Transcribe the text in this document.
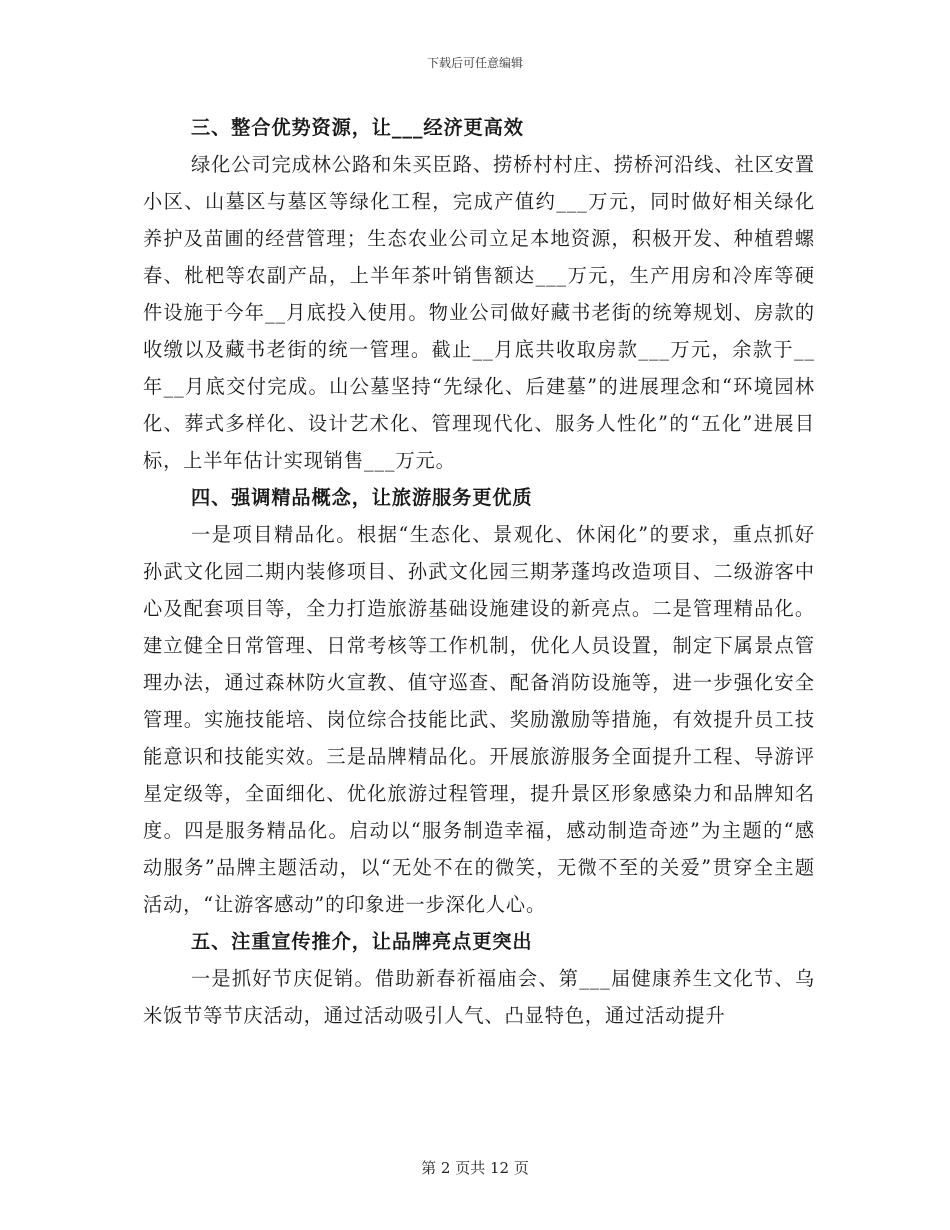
下载后可任意编辑

三、整合优势资源，让___经济更高效

绿化公司完成林公路和朱买臣路、捞桥村村庄、捞桥河沿线、社区安置小区、山墓区与墓区等绿化工程，完成产值约___万元，同时做好相关绿化养护及苗圃的经营管理；生态农业公司立足本地资源，积极开发、种植碧螺春、枇杷等农副产品，上半年茶叶销售额达___万元，生产用房和冷库等硬件设施于今年__月底投入使用。物业公司做好藏书老街的统筹规划、房款的收缴以及藏书老街的统一管理。截止__月底共收取房款___万元，余款于__年__月底交付完成。山公墓坚持“先绿化、后建墓”的进展理念和“环境园林化、葬式多样化、设计艺术化、管理现代化、服务人性化”的“五化”进展目标，上半年估计实现销售___万元。

四、强调精品概念，让旅游服务更优质

一是项目精品化。根据“生态化、景观化、休闲化”的要求，重点抓好孙武文化园二期内装修项目、孙武文化园三期茅蓬坞改造项目、二级游客中心及配套项目等，全力打造旅游基础设施建设的新亮点。二是管理精品化。建立健全日常管理、日常考核等工作机制，优化人员设置，制定下属景点管理办法，通过森林防火宣教、值守巡查、配备消防设施等，进一步强化安全管理。实施技能培、岗位综合技能比武、奖励激励等措施，有效提升员工技能意识和技能实效。三是品牌精品化。开展旅游服务全面提升工程、导游评星定级等，全面细化、优化旅游过程管理，提升景区形象感染力和品牌知名度。四是服务精品化。启动以“服务制造幸福，感动制造奇迹”为主题的“感动服务”品牌主题活动，以“无处不在的微笑，无微不至的关爱”贯穿全主题活动，“让游客感动”的印象进一步深化人心。

五、注重宣传推介，让品牌亮点更突出

一是抓好节庆促销。借助新春祈福庙会、第___届健康养生文化节、乌米饭节等节庆活动，通过活动吸引人气、凸显特色，通过活动提升

第 2 页共 12 页
